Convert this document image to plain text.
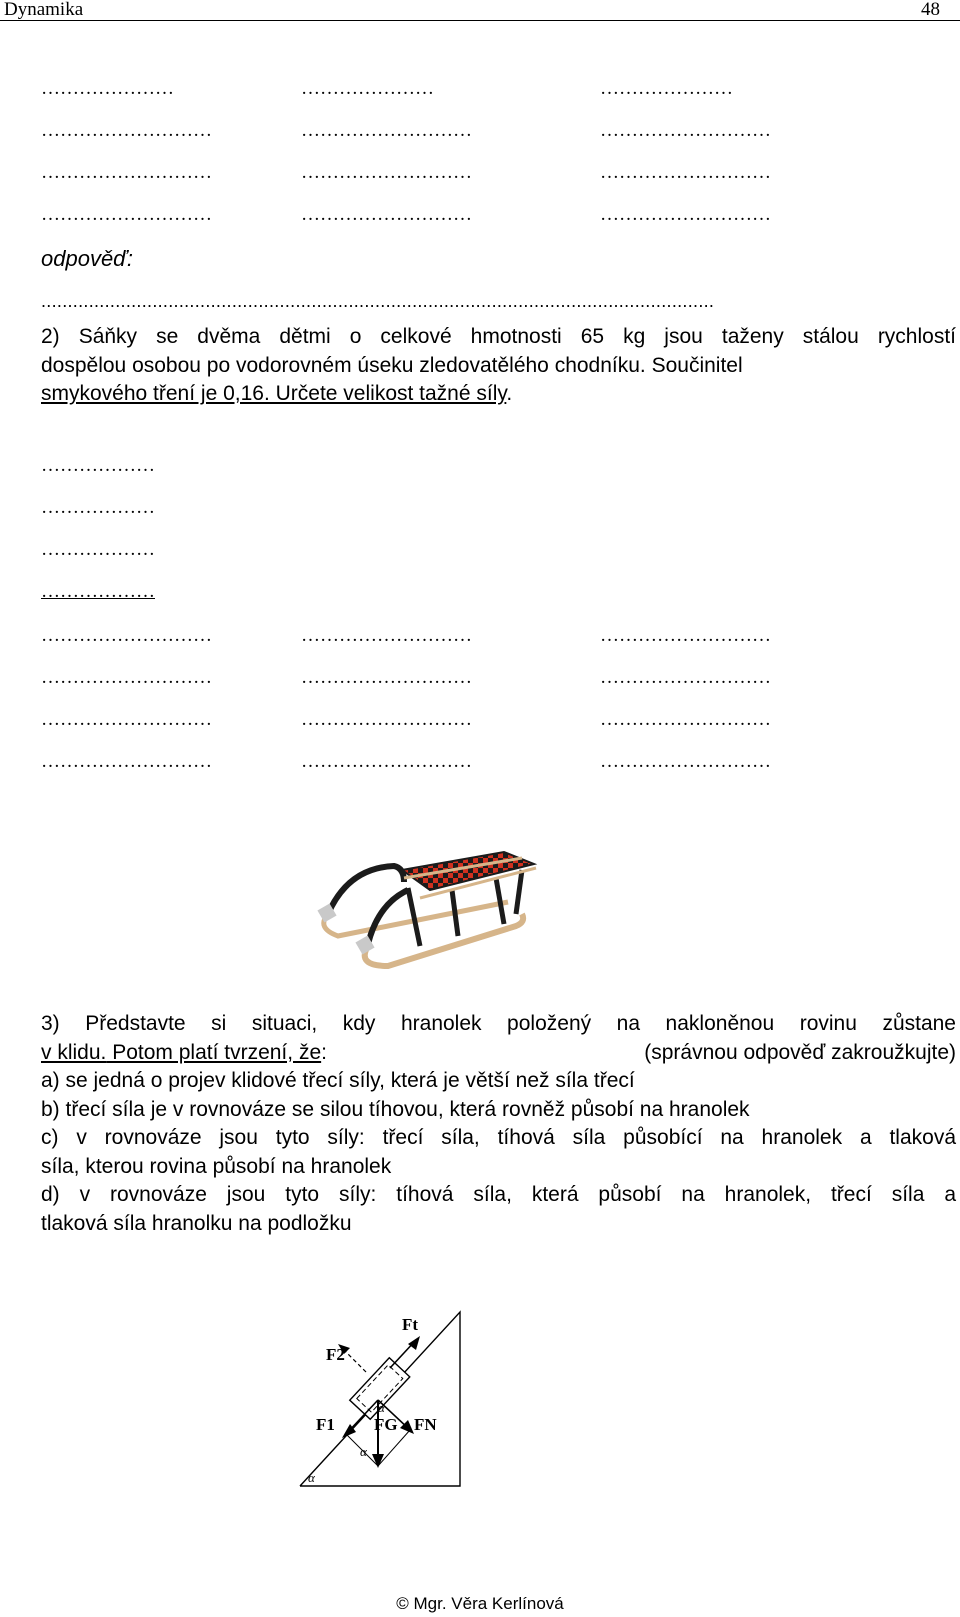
Dynamika	48
…………………	…………………	…………………
………………………	………………………	………………………
………………………	………………………	………………………
………………………	………………………	………………………
odpověď:
...............................................................................................................................
2) Sáňky se dvěma dětmi o celkové hmotnosti 65 kg jsou taženy stálou rychlostí
dospělou osobou po vodorovném úseku zledovatělého chodníku. Součinitel
smykového tření je 0,16. Určete velikost tažné síly.
………………
………………
………………
………………
………………………	………………………	………………………
………………………	………………………	………………………
………………………	………………………	………………………
………………………	………………………	………………………
3) Představte si situaci, kdy hranolek položený na nakloněnou rovinu zůstane
v klidu. Potom platí tvrzení, že:	(správnou odpověď zakroužkujte)
a) se jedná o projev klidové třecí síly, která je větší než síla třecí
b) třecí síla je v rovnováze se silou tíhovou, která rovněž působí na hranolek
c) v rovnováze jsou tyto síly: třecí síla, tíhová síla působící na hranolek a tlaková
síla, kterou rovina působí na hranolek
d) v rovnováze jsou tyto síly: tíhová síla, která působí na hranolek, třecí síla a
tlaková síla hranolku na podložku
Ft
F2
F1 FG FN
α
α
α
© Mgr. Věra Kerlínová
